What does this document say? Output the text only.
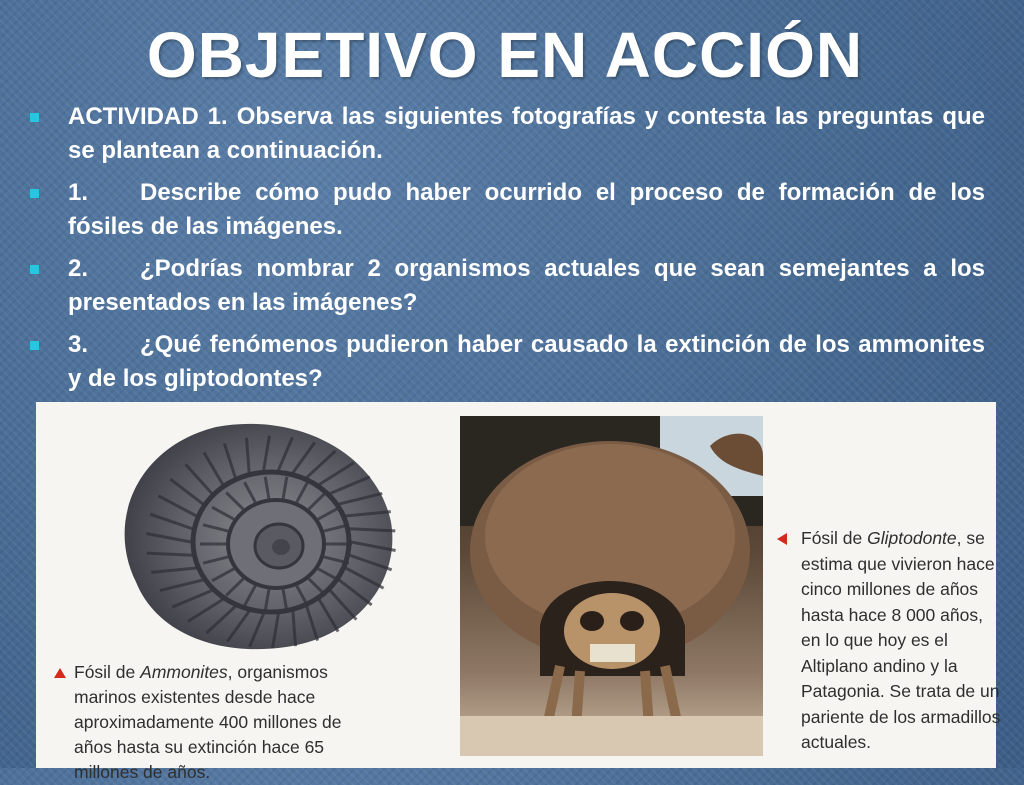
OBJETIVO EN ACCIÓN
ACTIVIDAD 1. Observa las siguientes fotografías y contesta las preguntas que se plantean a continuación.
1. Describe cómo pudo haber ocurrido el proceso de formación de los fósiles de las imágenes.
2. ¿Podrías nombrar 2 organismos actuales que sean semejantes a los presentados en las imágenes?
3. ¿Qué fenómenos pudieron haber causado la extinción de los ammonites y de los gliptodontes?
Fósil de Ammonites, organismos marinos existentes desde hace aproximadamente 400 millones de años hasta su extinción hace 65 millones de años.
Fósil de Gliptodonte, se estima que vivieron hace cinco millones de años hasta hace 8 000 años, en lo que hoy es el Altiplano andino y la Patagonia. Se trata de un pariente de los armadillos actuales.
